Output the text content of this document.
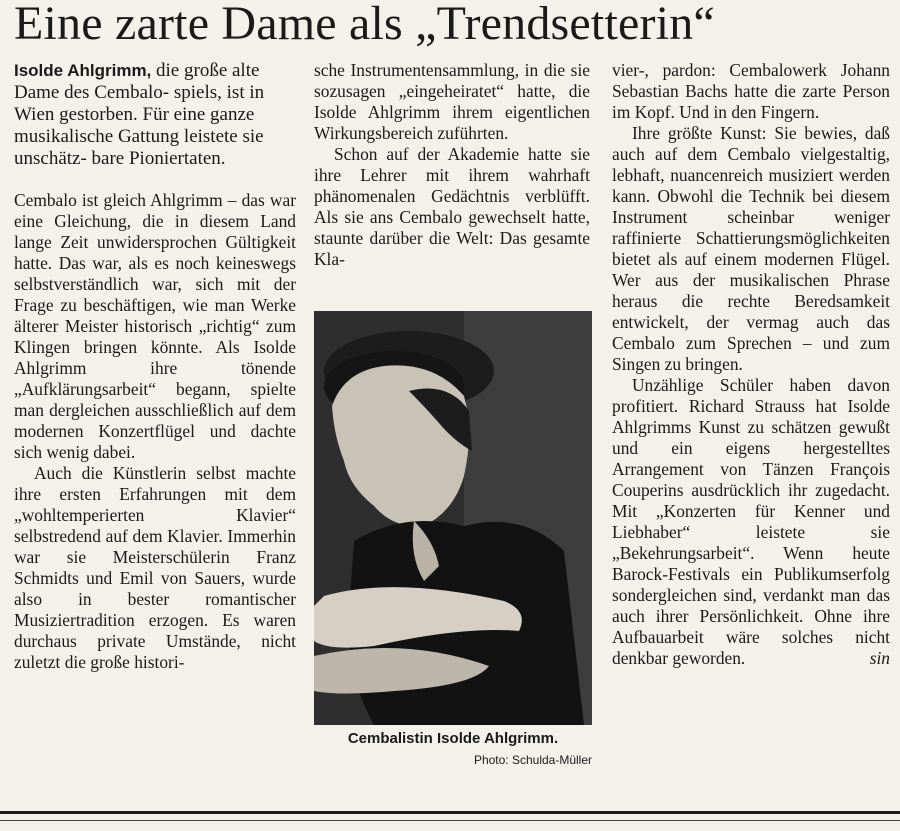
Eine zarte Dame als „Trendsetterin“

Isolde Ahlgrimm, die große alte Dame des Cembalo- spiels, ist in Wien gestorben. Für eine ganze musikalische Gattung leistete sie unschätz- bare Pioniertaten.

Cembalo ist gleich Ahlgrimm – das war eine Gleichung, die in diesem Land lange Zeit unwidersprochen Gültigkeit hatte. Das war, als es noch keineswegs selbstverständlich war, sich mit der Frage zu beschäftigen, wie man Werke älterer Meister historisch „richtig“ zum Klingen bringen könnte. Als Isolde Ahlgrimm ihre tönende „Aufklärungsarbeit“ begann, spielte man dergleichen ausschließlich auf dem modernen Konzertflügel und dachte sich wenig dabei.

Auch die Künstlerin selbst machte ihre ersten Erfahrungen mit dem „wohltemperierten Klavier“ selbstredend auf dem Klavier. Immerhin war sie Meisterschülerin Franz Schmidts und Emil von Sauers, wurde also in bester romantischer Musiziertradition erzogen. Es waren durchaus private Umstände, nicht zuletzt die große histori-

sche Instrumentensammlung, in die sie sozusagen „eingeheiratet“ hatte, die Isolde Ahlgrimm ihrem eigentlichen Wirkungsbereich zuführten.

Schon auf der Akademie hatte sie ihre Lehrer mit ihrem wahrhaft phänomenalen Gedächtnis verblüfft. Als sie ans Cembalo gewechselt hatte, staunte darüber die Welt: Das gesamte Kla-

Cembalistin Isolde Ahlgrimm.
Photo: Schulda-Müller

vier-, pardon: Cembalowerk Johann Sebastian Bachs hatte die zarte Person im Kopf. Und in den Fingern.

Ihre größte Kunst: Sie bewies, daß auch auf dem Cembalo vielgestaltig, lebhaft, nuancenreich musiziert werden kann. Obwohl die Technik bei diesem Instrument scheinbar weniger raffinierte Schattierungsmöglichkeiten bietet als auf einem modernen Flügel. Wer aus der musikalischen Phrase heraus die rechte Beredsamkeit entwickelt, der vermag auch das Cembalo zum Sprechen – und zum Singen zu bringen.

Unzählige Schüler haben davon profitiert. Richard Strauss hat Isolde Ahlgrimms Kunst zu schätzen gewußt und ein eigens hergestelltes Arrangement von Tänzen François Couperins ausdrücklich ihr zugedacht. Mit „Konzerten für Kenner und Liebhaber“ leistete sie „Bekehrungsarbeit“. Wenn heute Barock-Festivals ein Publikumserfolg sondergleichen sind, verdankt man das auch ihrer Persönlichkeit. Ohne ihre Aufbauarbeit wäre solches nicht denkbar geworden.	sin
